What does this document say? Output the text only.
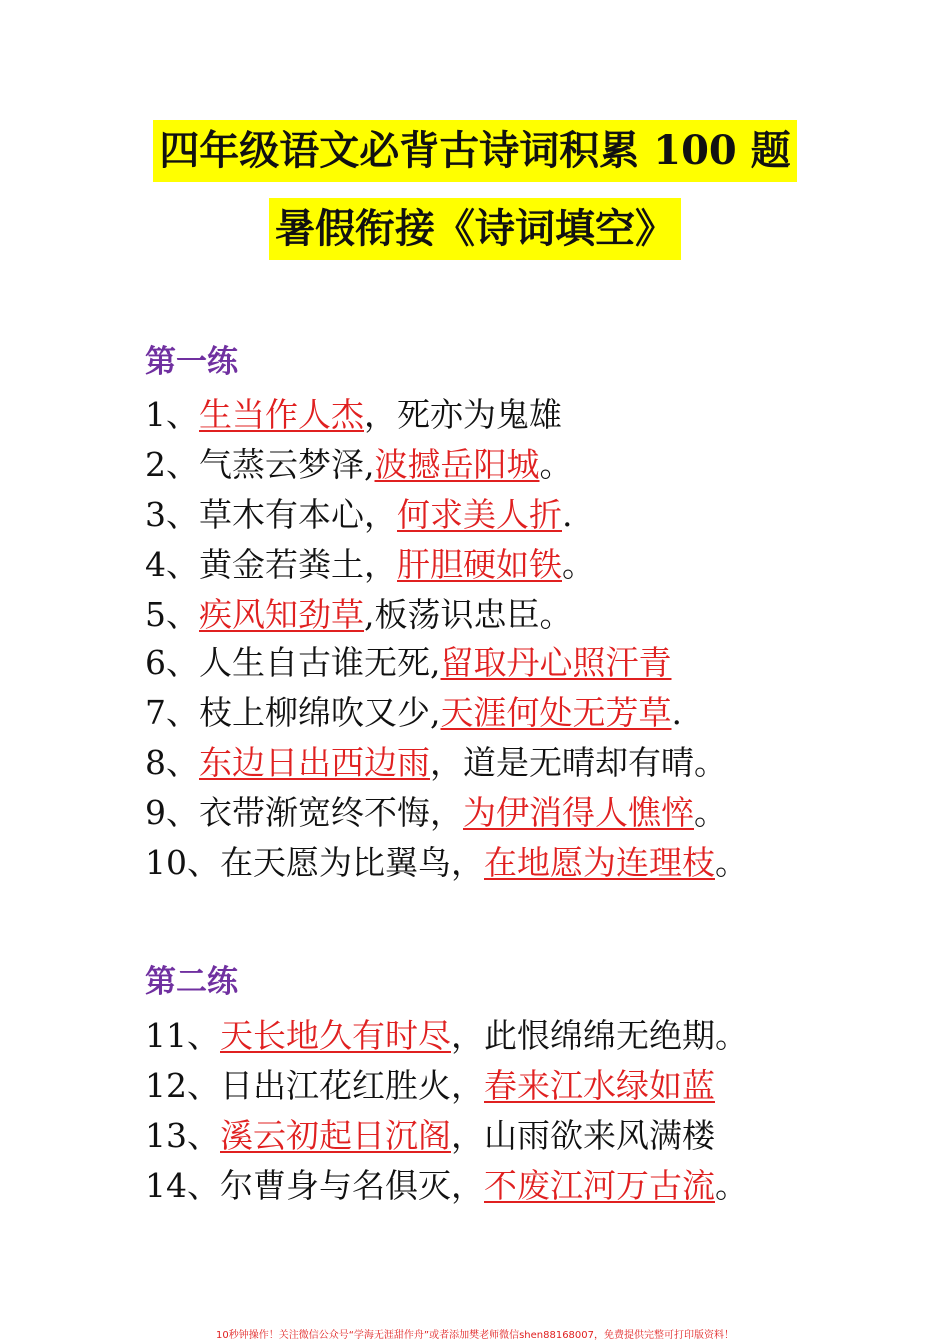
四年级语文必背古诗词积累 100 题
暑假衔接《诗词填空》
第一练
第二练
1、生当作人杰，死亦为鬼雄
2、气蒸云梦泽,波撼岳阳城。
3、草木有本心，何求美人折.
4、黄金若粪土，肝胆硬如铁。
5、疾风知劲草,板荡识忠臣。
6、人生自古谁无死,留取丹心照汗青
7、枝上柳绵吹又少,天涯何处无芳草.
8、东边日出西边雨，道是无晴却有晴。
9、衣带渐宽终不悔，为伊消得人憔悴。
10、在天愿为比翼鸟，在地愿为连理枝。
11、天长地久有时尽，此恨绵绵无绝期。
12、日出江花红胜火，春来江水绿如蓝
13、溪云初起日沉阁，山雨欲来风满楼
14、尔曹身与名俱灭，不废江河万古流。
10秒钟操作！关注微信公众号“学海无涯甜作舟”或者添加樊老师微信shen88168007，免费提供完整可打印版资料！
